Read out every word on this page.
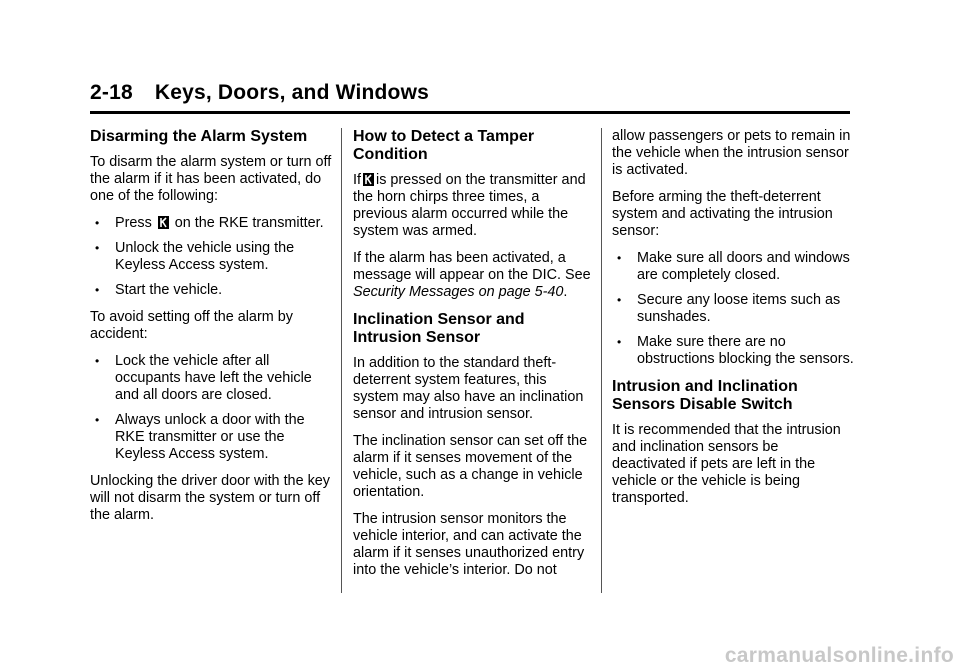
2-18 Keys, Doors, and Windows
Disarming the Alarm System

To disarm the alarm system or turn off the alarm if it has been activated, do one of the following:

• Press on the RKE transmitter.
• Unlock the vehicle using the Keyless Access system.
• Start the vehicle.

To avoid setting off the alarm by accident:

• Lock the vehicle after all occupants have left the vehicle and all doors are closed.
• Always unlock a door with the RKE transmitter or use the Keyless Access system.

Unlocking the driver door with the key will not disarm the system or turn off the alarm.

How to Detect a Tamper Condition

If is pressed on the transmitter and the horn chirps three times, a previous alarm occurred while the system was armed.

If the alarm has been activated, a message will appear on the DIC. See Security Messages on page 5-40.

Inclination Sensor and Intrusion Sensor

In addition to the standard theft-deterrent system features, this system may also have an inclination sensor and intrusion sensor.

The inclination sensor can set off the alarm if it senses movement of the vehicle, such as a change in vehicle orientation.

The intrusion sensor monitors the vehicle interior, and can activate the alarm if it senses unauthorized entry into the vehicle’s interior. Do not

allow passengers or pets to remain in the vehicle when the intrusion sensor is activated.

Before arming the theft-deterrent system and activating the intrusion sensor:

• Make sure all doors and windows are completely closed.
• Secure any loose items such as sunshades.
• Make sure there are no obstructions blocking the sensors.
Intrusion and Inclination Sensors Disable Switch

It is recommended that the intrusion and inclination sensors be deactivated if pets are left in the vehicle or the vehicle is being transported.

carmanualsonline.info
